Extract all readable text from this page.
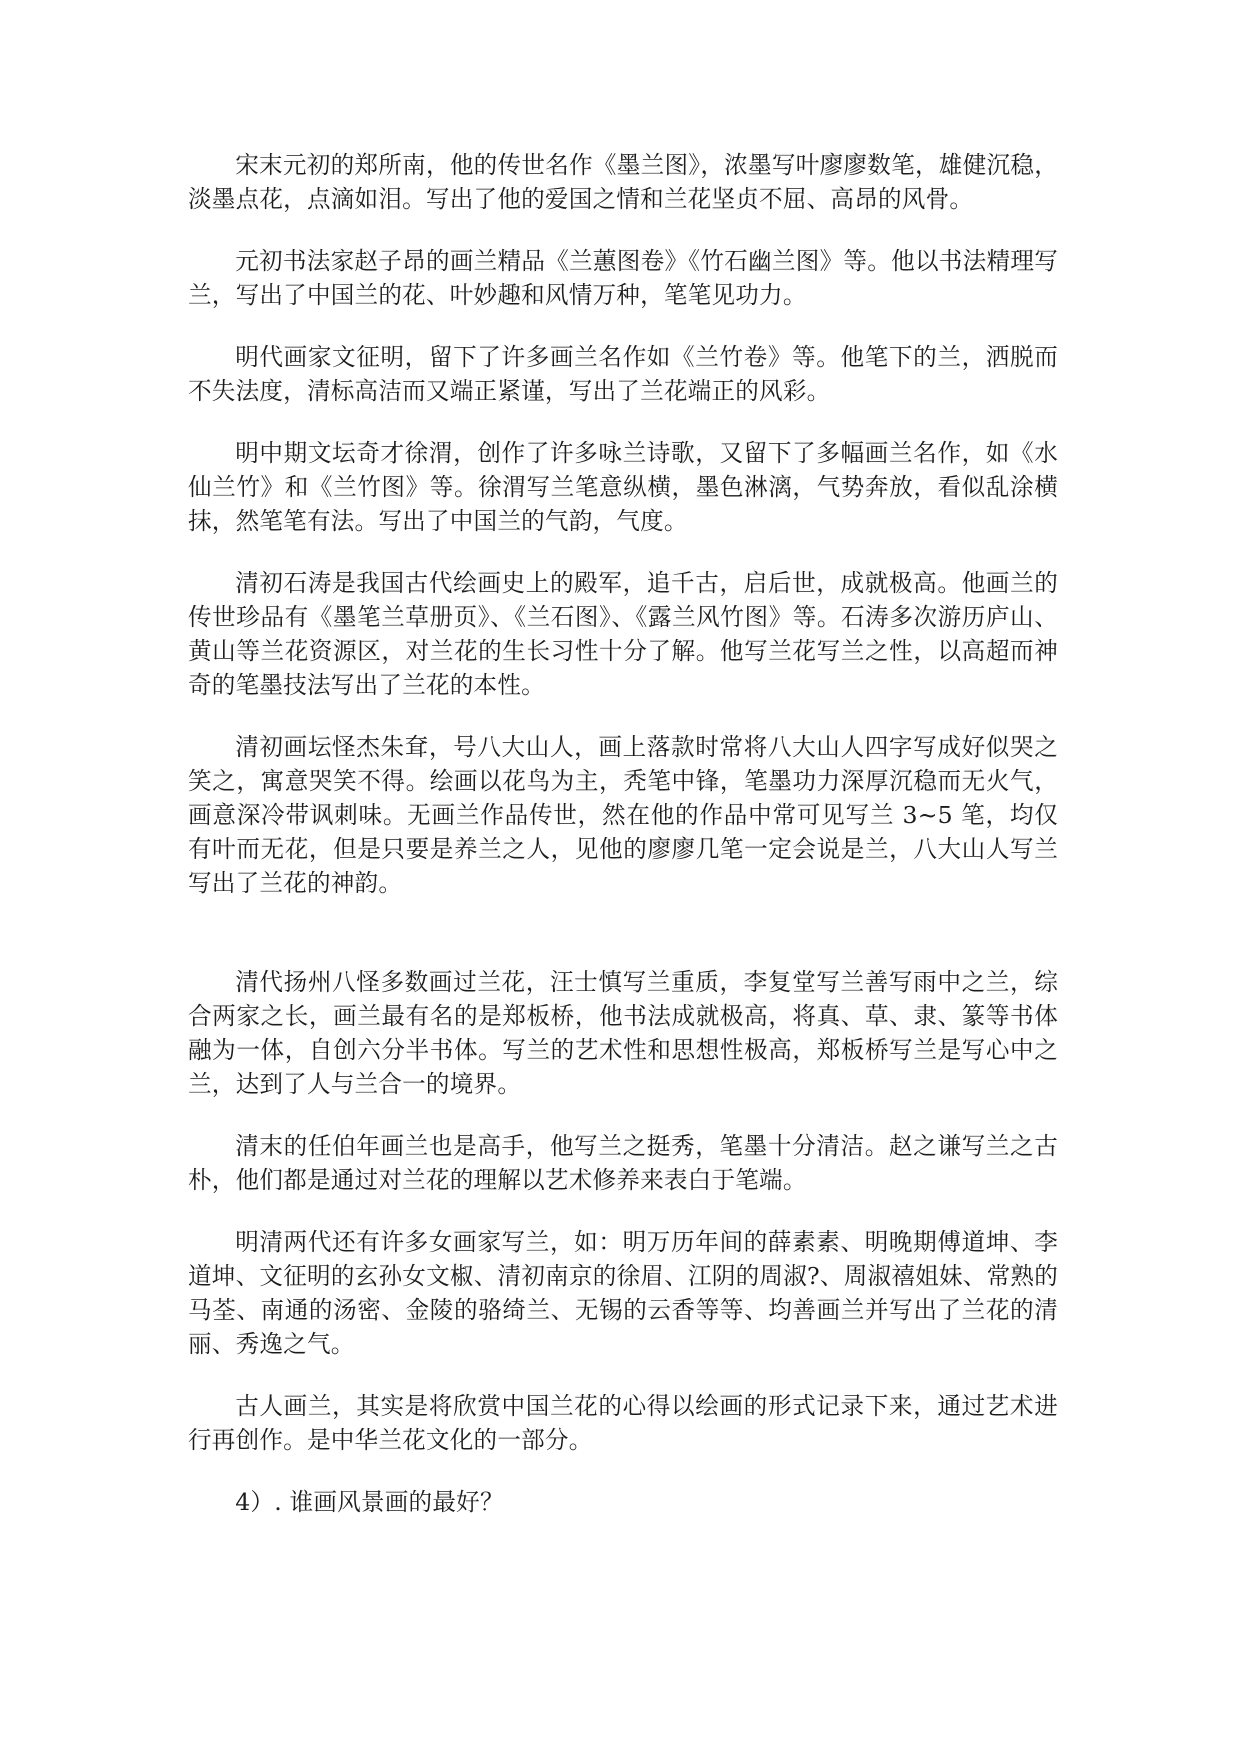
宋末元初的郑所南，他的传世名作《墨兰图》，浓墨写叶廖廖数笔，雄健沉稳，淡墨点花，点滴如泪。写出了他的爱国之情和兰花坚贞不屈、高昂的风骨。

元初书法家赵子昂的画兰精品《兰蕙图卷》《竹石幽兰图》等。他以书法精理写兰，写出了中国兰的花、叶妙趣和风情万种，笔笔见功力。

明代画家文征明，留下了许多画兰名作如《兰竹卷》等。他笔下的兰，洒脱而不失法度，清标高洁而又端正紧谨，写出了兰花端正的风彩。

明中期文坛奇才徐渭，创作了许多咏兰诗歌，又留下了多幅画兰名作，如《水仙兰竹》和《兰竹图》等。徐渭写兰笔意纵横，墨色淋漓，气势奔放，看似乱涂横抹，然笔笔有法。写出了中国兰的气韵，气度。

清初石涛是我国古代绘画史上的殿军，追千古，启后世，成就极高。他画兰的传世珍品有《墨笔兰草册页》、《兰石图》、《露兰风竹图》等。石涛多次游历庐山、黄山等兰花资源区，对兰花的生长习性十分了解。他写兰花写兰之性，以高超而神奇的笔墨技法写出了兰花的本性。

清初画坛怪杰朱耷，号八大山人，画上落款时常将八大山人四字写成好似哭之笑之，寓意哭笑不得。绘画以花鸟为主，秃笔中锋，笔墨功力深厚沉稳而无火气， 画意深冷带讽刺味。无画兰作品传世，然在他的作品中常可见写兰 3~5 笔，均仅有叶而无花，但是只要是养兰之人，见他的廖廖几笔一定会说是兰，八大山人写兰 写出了兰花的神韵。

清代扬州八怪多数画过兰花，汪士慎写兰重质，李复堂写兰善写雨中之兰，综合两家之长，画兰最有名的是郑板桥，他书法成就极高，将真、草、隶、篆等书体融为一体，自创六分半书体。写兰的艺术性和思想性极高，郑板桥写兰是写心中之兰，达到了人与兰合一的境界。

清末的任伯年画兰也是高手，他写兰之挺秀，笔墨十分清洁。赵之谦写兰之古朴，他们都是通过对兰花的理解以艺术修养来表白于笔端。

明清两代还有许多女画家写兰，如：明万历年间的薛素素、明晚期傅道坤、李道坤、文征明的玄孙女文椒、清初南京的徐眉、江阴的周淑?、周淑禧姐妹、常熟的马荃、南通的汤密、金陵的骆绮兰、无锡的云香等等、均善画兰并写出了兰花的清丽、秀逸之气。

古人画兰，其实是将欣赏中国兰花的心得以绘画的形式记录下来，通过艺术进行再创作。是中华兰花文化的一部分。

4）. 谁画风景画的最好？
